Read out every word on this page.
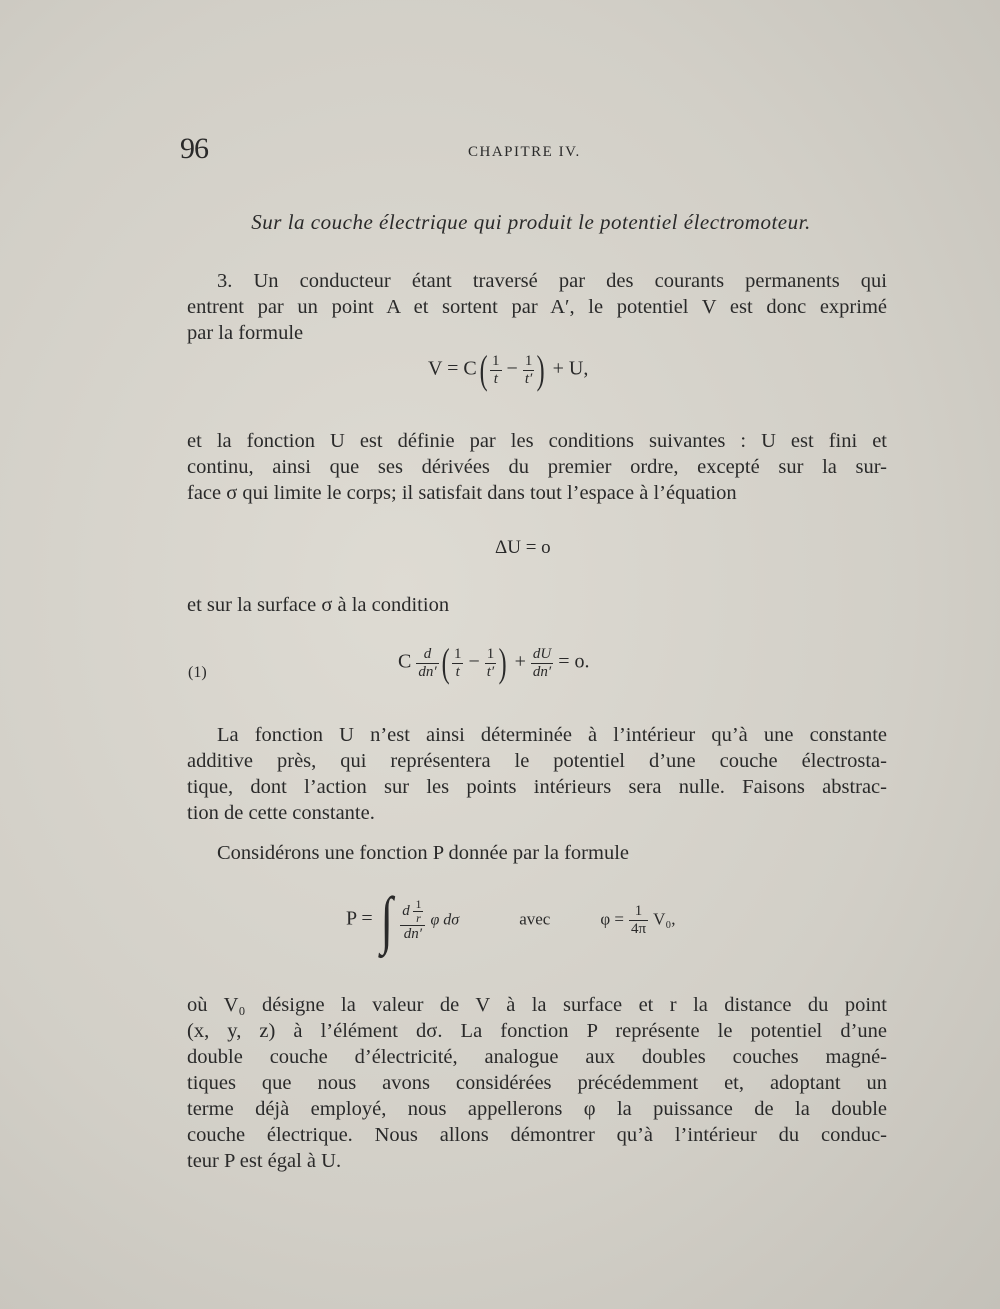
96	CHAPITRE IV.
Sur la couche électrique qui produit le potentiel électromoteur.
3. Un conducteur étant traversé par des courants permanents qui
entrent par un point A et sortent par A′, le potentiel V est donc exprimé
par la formule
$V = C( \frac{1}{t} - \frac{1}{t'}$ ) + U,
et la fonction U est définie par les conditions suivantes : U est fini et
continu, ainsi que ses dérivées du premier ordre, excepté sur la sur-
face σ qui limite le corps; il satisfait dans tout l’espace à l’équation
ΔU = o
et sur la surface σ à la condition
(1)	C $\frac{d}{dn'}$ ( $\frac{1}{t} - \frac{1}{t'}$ ) + $\frac{dU}{dn'} = o$.
La fonction U n’est ainsi déterminée à l’intérieur qu’à une constante
additive près, qui représentera le potentiel d’une couche électrosta-
tique, dont l’action sur les points intérieurs sera nulle. Faisons abstrac-
tion de cette constante.
Considérons une fonction P donnée par la formule
P = ∫ $\frac{d \frac{1}{r}}{dn'}$ φ dσ	avec	$\varphi = \frac{1}{4\pi} V_0$,
où V₀ désigne la valeur de V à la surface et r la distance du point
(x, y, z) à l’élément dσ. La fonction P représente le potentiel d’une
double couche d’électricité, analogue aux doubles couches magné-
tiques que nous avons considérées précédemment et, adoptant un
terme déjà employé, nous appellerons φ la puissance de la double
couche électrique. Nous allons démontrer qu’à l’intérieur du conduc-
teur P est égal à U.
